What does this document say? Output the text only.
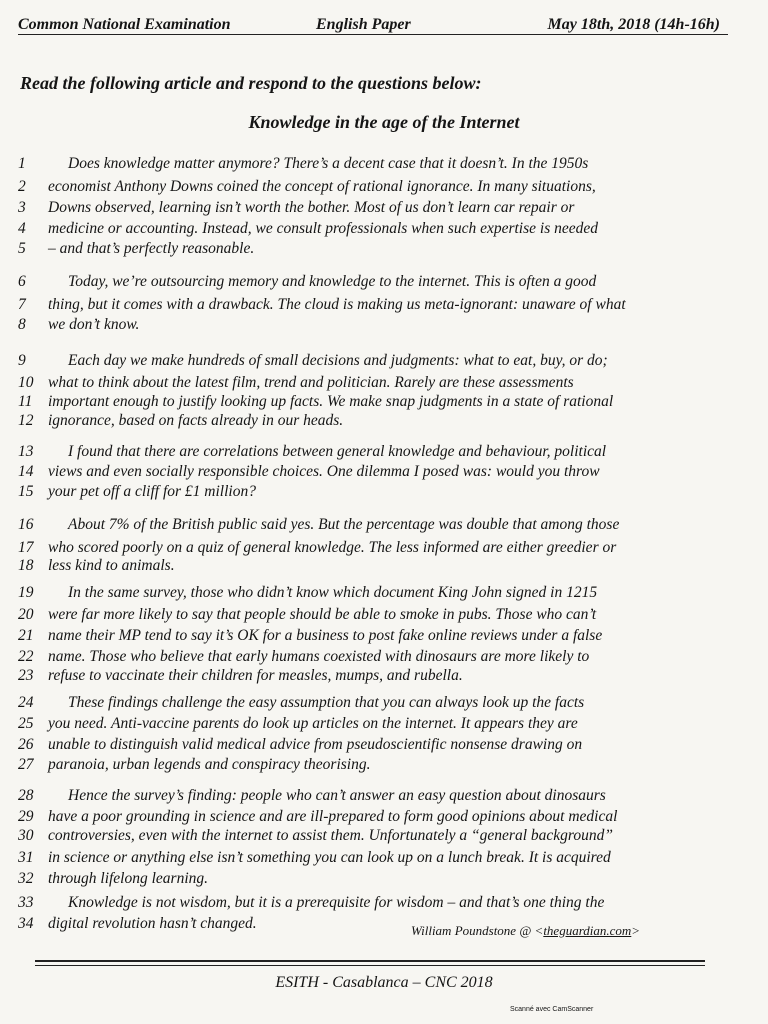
Common National Examination	English Paper	May 18th, 2018 (14h-16h)
Read the following article and respond to the questions below:
Knowledge in the age of the Internet
1	Does knowledge matter anymore? There’s a decent case that it doesn’t. In the 1950s
2	economist Anthony Downs coined the concept of rational ignorance. In many situations,
3	Downs observed, learning isn’t worth the bother. Most of us don’t learn car repair or
4	medicine or accounting. Instead, we consult professionals when such expertise is needed
5	– and that’s perfectly reasonable.
6	Today, we’re outsourcing memory and knowledge to the internet. This is often a good
7	thing, but it comes with a drawback. The cloud is making us meta-ignorant: unaware of what
8	we don’t know.
9	Each day we make hundreds of small decisions and judgments: what to eat, buy, or do;
10 what to think about the latest film, trend and politician. Rarely are these assessments
11	important enough to justify looking up facts. We make snap judgments in a state of rational
12 ignorance, based on facts already in our heads.
13	I found that there are correlations between general knowledge and behaviour, political
14 views and even socially responsible choices. One dilemma I posed was: would you throw
15 your pet off a cliff for £1 million?
16	About 7% of the British public said yes. But the percentage was double that among those
17 who scored poorly on a quiz of general knowledge. The less informed are either greedier or
18 less kind to animals.
19	In the same survey, those who didn’t know which document King John signed in 1215
20 were far more likely to say that people should be able to smoke in pubs. Those who can’t
21 name their MP tend to say it’s OK for a business to post fake online reviews under a false
22 name. Those who believe that early humans coexisted with dinosaurs are more likely to
23 refuse to vaccinate their children for measles, mumps, and rubella.
24	These findings challenge the easy assumption that you can always look up the facts
25 you need. Anti-vaccine parents do look up articles on the internet. It appears they are
26 unable to distinguish valid medical advice from pseudoscientific nonsense drawing on
27 paranoia, urban legends and conspiracy theorising.
28	Hence the survey’s finding: people who can’t answer an easy question about dinosaurs
29 have a poor grounding in science and are ill-prepared to form good opinions about medical
30 controversies, even with the internet to assist them. Unfortunately a “general background”
31 in science or anything else isn’t something you can look up on a lunch break. It is acquired
32 through lifelong learning.
33	Knowledge is not wisdom, but it is a prerequisite for wisdom – and that’s one thing the
34 digital revolution hasn’t changed.	William Poundstone @ <theguardian.com>
ESITH - Casablanca – CNC 2018
Scanné avec CamScanner
